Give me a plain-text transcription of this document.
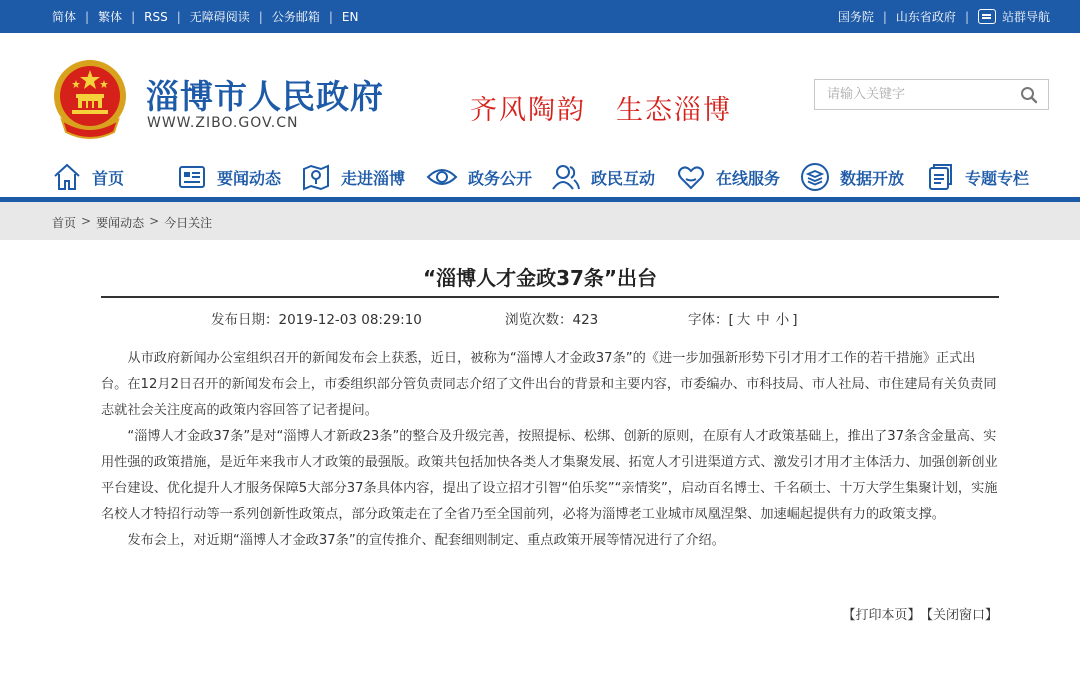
简体 | 繁体 | RSS | 无障碍阅读 | 公务邮箱 | EN	国务院 | 山东省政府 |	站群导航
淄博市人民政府
WWW.ZIBO.GOV.CN	齐风陶韵 生态淄博
请输入关键字
首页	要闻动态	走进淄博	政务公开	政民互动	在线服务	数据开放	专题专栏
首页 > 要闻动态 > 今日关注
“淄博人才金政37条”出台
发布日期：2019-12-03 08:29:10	浏览次数：423	字体：[ 大 中 小 ]

从市政府新闻办公室组织召开的新闻发布会上获悉，近日，被称为“淄博人才金政37条”的《进一步加强新形势下引才用才工作的若干措施》正式出台。在12月2日召开的新闻发布会上，市委组织部分管负责同志介绍了文件出台的背景和主要内容，市委编办、市科技局、市人社局、市住建局有关负责同志就社会关注度高的政策内容回答了记者提问。

“淄博人才金政37条”是对“淄博人才新政23条”的整合及升级完善，按照提标、松绑、创新的原则，在原有人才政策基础上，推出了37条含金量高、实用性强的政策措施，是近年来我市人才政策的最强版。政策共包括加快各类人才集聚发展、拓宽人才引进渠道方式、激发引才用才主体活力、加强创新创业平台建设、优化提升人才服务保障5大部分37条具体内容，提出了设立招才引智“伯乐奖”“亲情奖”，启动百名博士、千名硕士、十万大学生集聚计划，实施名校人才特招行动等一系列创新性政策点，部分政策走在了全省乃至全国前列，必将为淄博老工业城市凤凰涅槃、加速崛起提供有力的政策支撑。

发布会上，对近期“淄博人才金政37条”的宣传推介、配套细则制定、重点政策开展等情况进行了介绍。

【打印本页】 【关闭窗口】
